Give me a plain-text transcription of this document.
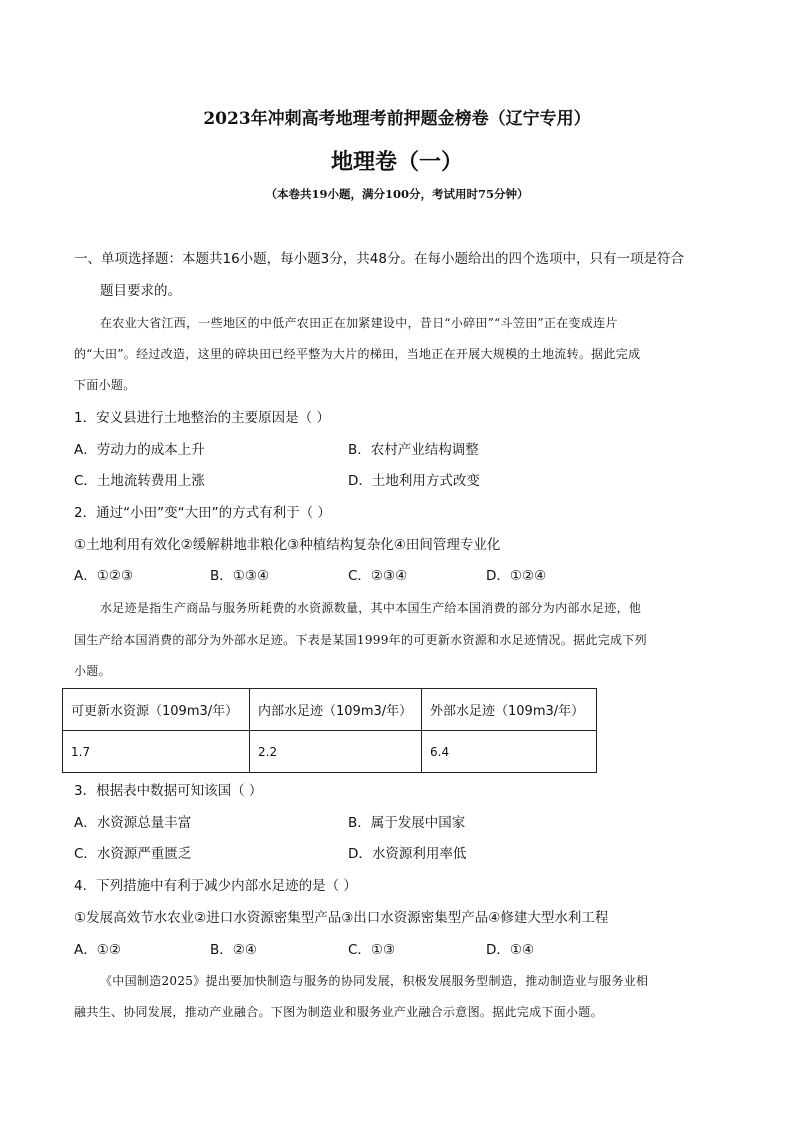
2023年冲刺高考地理考前押题金榜卷（辽宁专用）
地理卷（一）
（本卷共19小题，满分100分，考试用时75分钟）
一、单项选择题：本题共16小题，每小题3分，共48分。在每小题给出的四个选项中，只有一项是符合
题目要求的。
在农业大省江西，一些地区的中低产农田正在加紧建设中，昔日“小碎田”“斗笠田”正在变成连片
的“大田”。经过改造，这里的碎块田已经平整为大片的梯田，当地正在开展大规模的土地流转。据此完成
下面小题。
1．安义县进行土地整治的主要原因是（ ）
A．劳动力的成本上升	B．农村产业结构调整
C．土地流转费用上涨	D．土地利用方式改变
2．通过“小田”变“大田”的方式有利于（ ）
①土地利用有效化②缓解耕地非粮化③种植结构复杂化④田间管理专业化
A．①②③	B．①③④	C．②③④	D．①②④
水足迹是指生产商品与服务所耗费的水资源数量，其中本国生产给本国消费的部分为内部水足迹，他
国生产给本国消费的部分为外部水足迹。下表是某国1999年的可更新水资源和水足迹情况。据此完成下列
小题。
可更新水资源（109m3/年）	内部水足迹（109m3/年）	外部水足迹（109m3/年）
1.7	2.2	6.4
3．根据表中数据可知该国（ ）
A．水资源总量丰富	B．属于发展中国家
C．水资源严重匮乏	D．水资源利用率低
4．下列措施中有利于减少内部水足迹的是（ ）
①发展高效节水农业②进口水资源密集型产品③出口水资源密集型产品④修建大型水利工程
A．①②	B．②④	C．①③	D．①④
《中国制造2025》提出要加快制造与服务的协同发展，积极发展服务型制造，推动制造业与服务业相
融共生、协同发展，推动产业融合。下图为制造业和服务业产业融合示意图。据此完成下面小题。
